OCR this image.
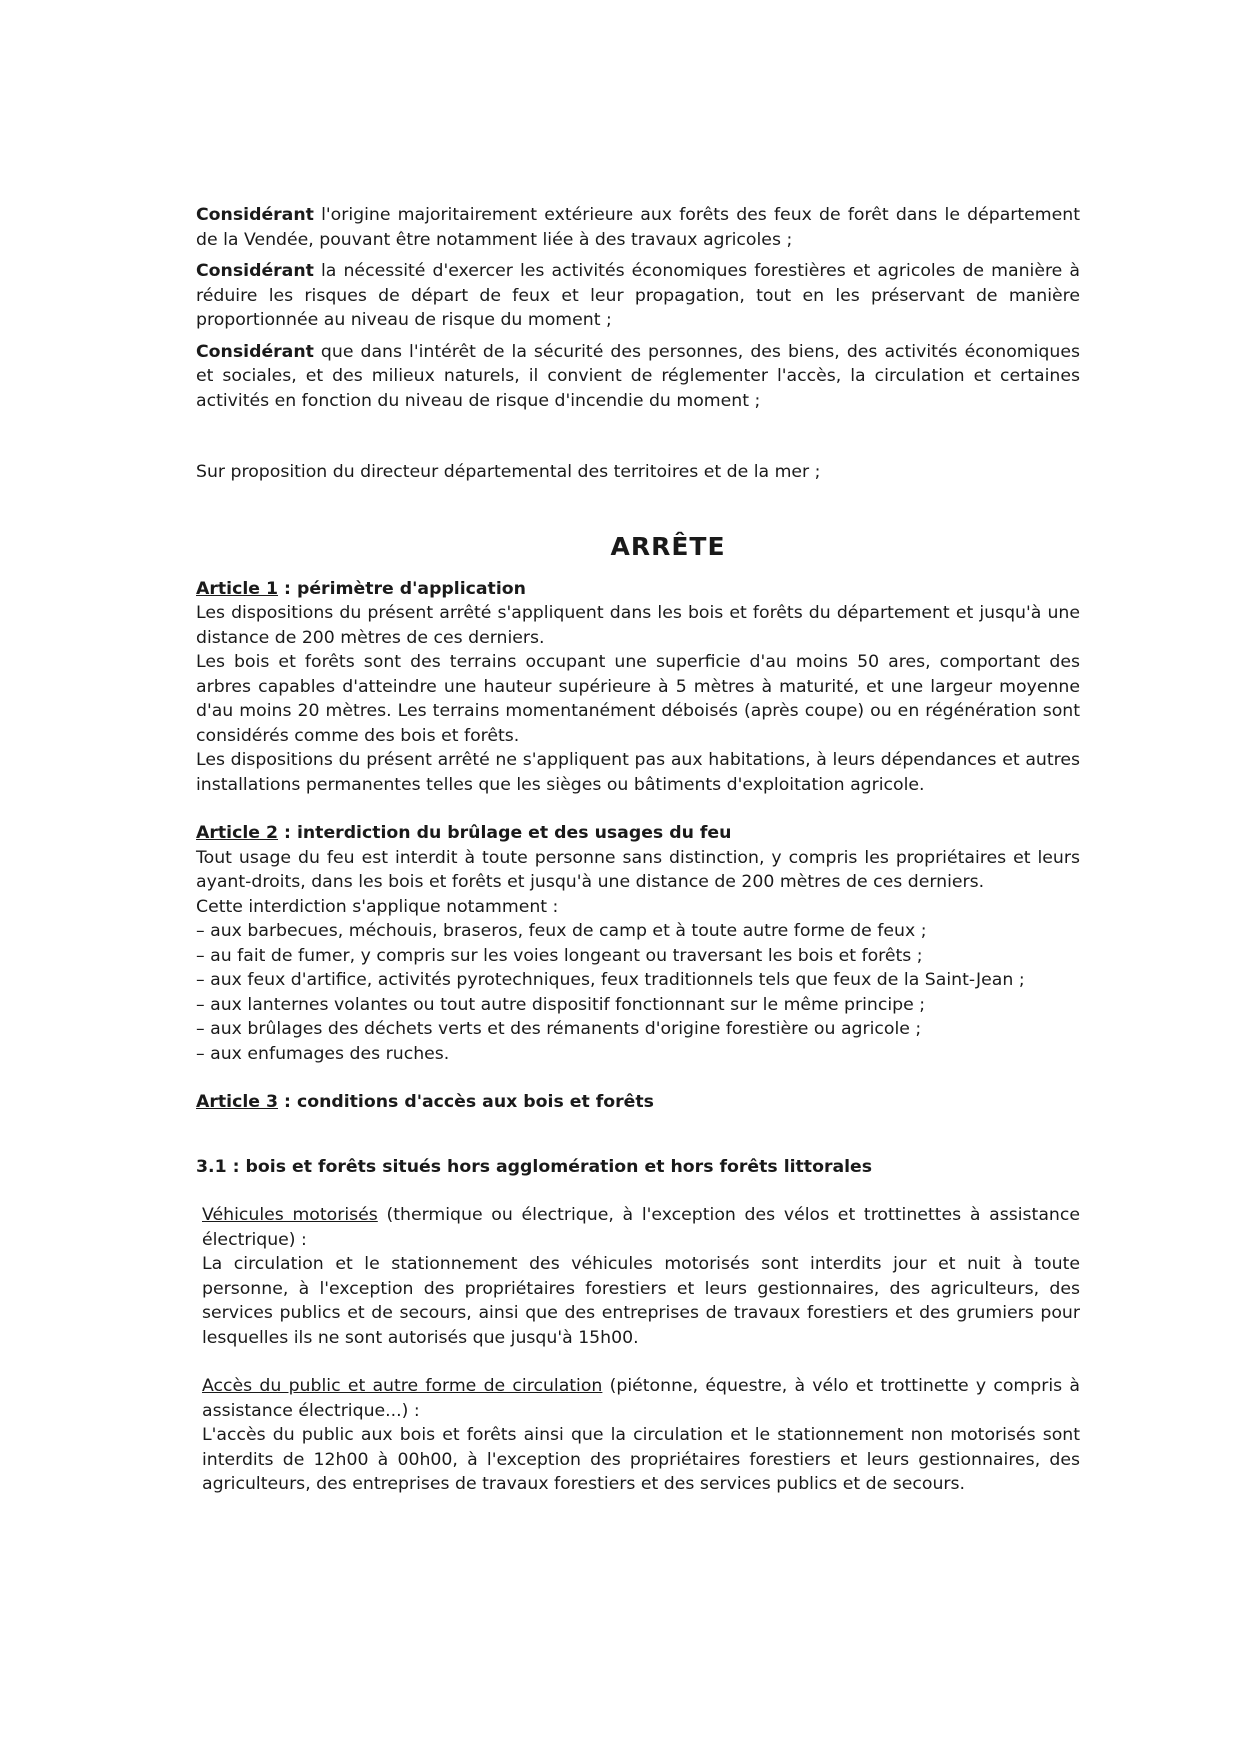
Considérant l'origine majoritairement extérieure aux forêts des feux de forêt dans le département de la Vendée, pouvant être notamment liée à des travaux agricoles ;

Considérant la nécessité d'exercer les activités économiques forestières et agricoles de manière à réduire les risques de départ de feux et leur propagation, tout en les préservant de manière proportionnée au niveau de risque du moment ;

Considérant que dans l'intérêt de la sécurité des personnes, des biens, des activités économiques et sociales, et des milieux naturels, il convient de réglementer l'accès, la circulation et certaines activités en fonction du niveau de risque d'incendie du moment ;

Sur proposition du directeur départemental des territoires et de la mer ;

ARRÊTE

Article 1 : périmètre d'application

Les dispositions du présent arrêté s'appliquent dans les bois et forêts du département et jusqu'à une distance de 200 mètres de ces derniers.

Les bois et forêts sont des terrains occupant une superficie d'au moins 50 ares, comportant des arbres capables d'atteindre une hauteur supérieure à 5 mètres à maturité, et une largeur moyenne d'au moins 20 mètres. Les terrains momentanément déboisés (après coupe) ou en régénération sont considérés comme des bois et forêts.

Les dispositions du présent arrêté ne s'appliquent pas aux habitations, à leurs dépendances et autres installations permanentes telles que les sièges ou bâtiments d'exploitation agricole.

Article 2 : interdiction du brûlage et des usages du feu

Tout usage du feu est interdit à toute personne sans distinction, y compris les propriétaires et leurs ayant-droits, dans les bois et forêts et jusqu'à une distance de 200 mètres de ces derniers.

Cette interdiction s'applique notamment :

– aux barbecues, méchouis, braseros, feux de camp et à toute autre forme de feux ;
– au fait de fumer, y compris sur les voies longeant ou traversant les bois et forêts ;
– aux feux d'artifice, activités pyrotechniques, feux traditionnels tels que feux de la Saint-Jean ;
– aux lanternes volantes ou tout autre dispositif fonctionnant sur le même principe ;
– aux brûlages des déchets verts et des rémanents d'origine forestière ou agricole ;
– aux enfumages des ruches.

Article 3 : conditions d'accès aux bois et forêts

3.1 : bois et forêts situés hors agglomération et hors forêts littorales

Véhicules motorisés (thermique ou électrique, à l'exception des vélos et trottinettes à assistance électrique) :

La circulation et le stationnement des véhicules motorisés sont interdits jour et nuit à toute personne, à l'exception des propriétaires forestiers et leurs gestionnaires, des agriculteurs, des services publics et de secours, ainsi que des entreprises de travaux forestiers et des grumiers pour lesquelles ils ne sont autorisés que jusqu'à 15h00.

Accès du public et autre forme de circulation (piétonne, équestre, à vélo et trottinette y compris à assistance électrique...) :

L'accès du public aux bois et forêts ainsi que la circulation et le stationnement non motorisés sont interdits de 12h00 à 00h00, à l'exception des propriétaires forestiers et leurs gestionnaires, des agriculteurs, des entreprises de travaux forestiers et des services publics et de secours.
